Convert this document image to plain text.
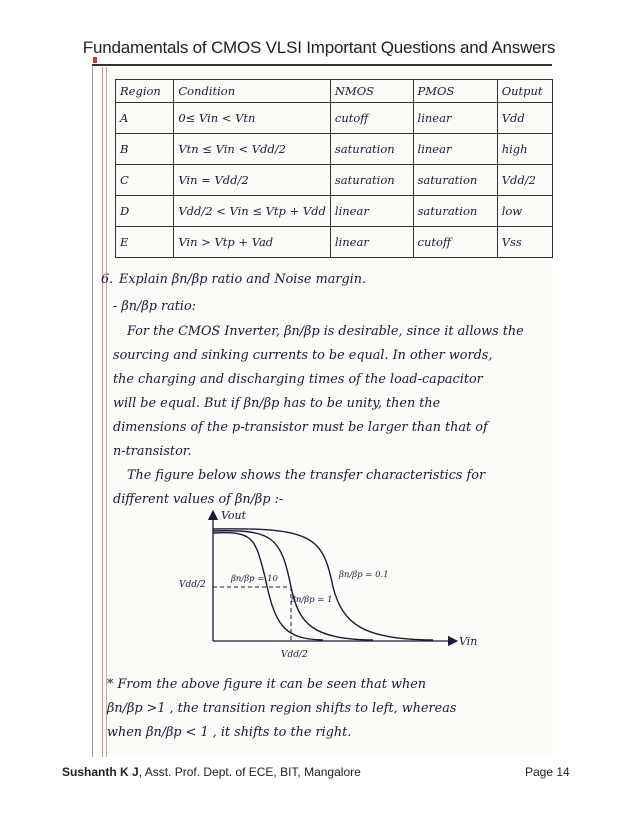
Fundamentals of CMOS VLSI Important Questions and Answers
Region	Condition	NMOS	PMOS	Output
A	0≤ Vin < Vtn	cutoff	linear	Vdd
B	Vtn ≤ Vin < Vdd/2	saturation	linear	high
C	Vin = Vdd/2	saturation	saturation	Vdd/2
D	Vdd/2 < Vin ≤ Vtp + Vdd	linear	saturation	low
E	Vin > Vtp + Vad	linear	cutoff	Vss
6. Explain βn/βp ratio and Noise margin.
- βn/βp ratio:
For the CMOS Inverter, βn/βp is desirable, since it allows the
sourcing and sinking currents to be equal. In other words,
the charging and discharging times of the load-capacitor
will be equal. But if βn/βp has to be unity, then the
dimensions of the p-transistor must be larger than that of
n-transistor.
The figure below shows the transfer characteristics for
different values of βn/βp :-
Vout
Vin
Vdd/2
Vdd/2
βn/βp = 10
βn/βp = 1
βn/βp = 0.1
* From the above figure it can be seen that when
βn/βp >1 , the transition region shifts to left, whereas
when βn/βp < 1 , it shifts to the right.
Sushanth K J, Asst. Prof. Dept. of ECE, BIT, Mangalore	Page 14
